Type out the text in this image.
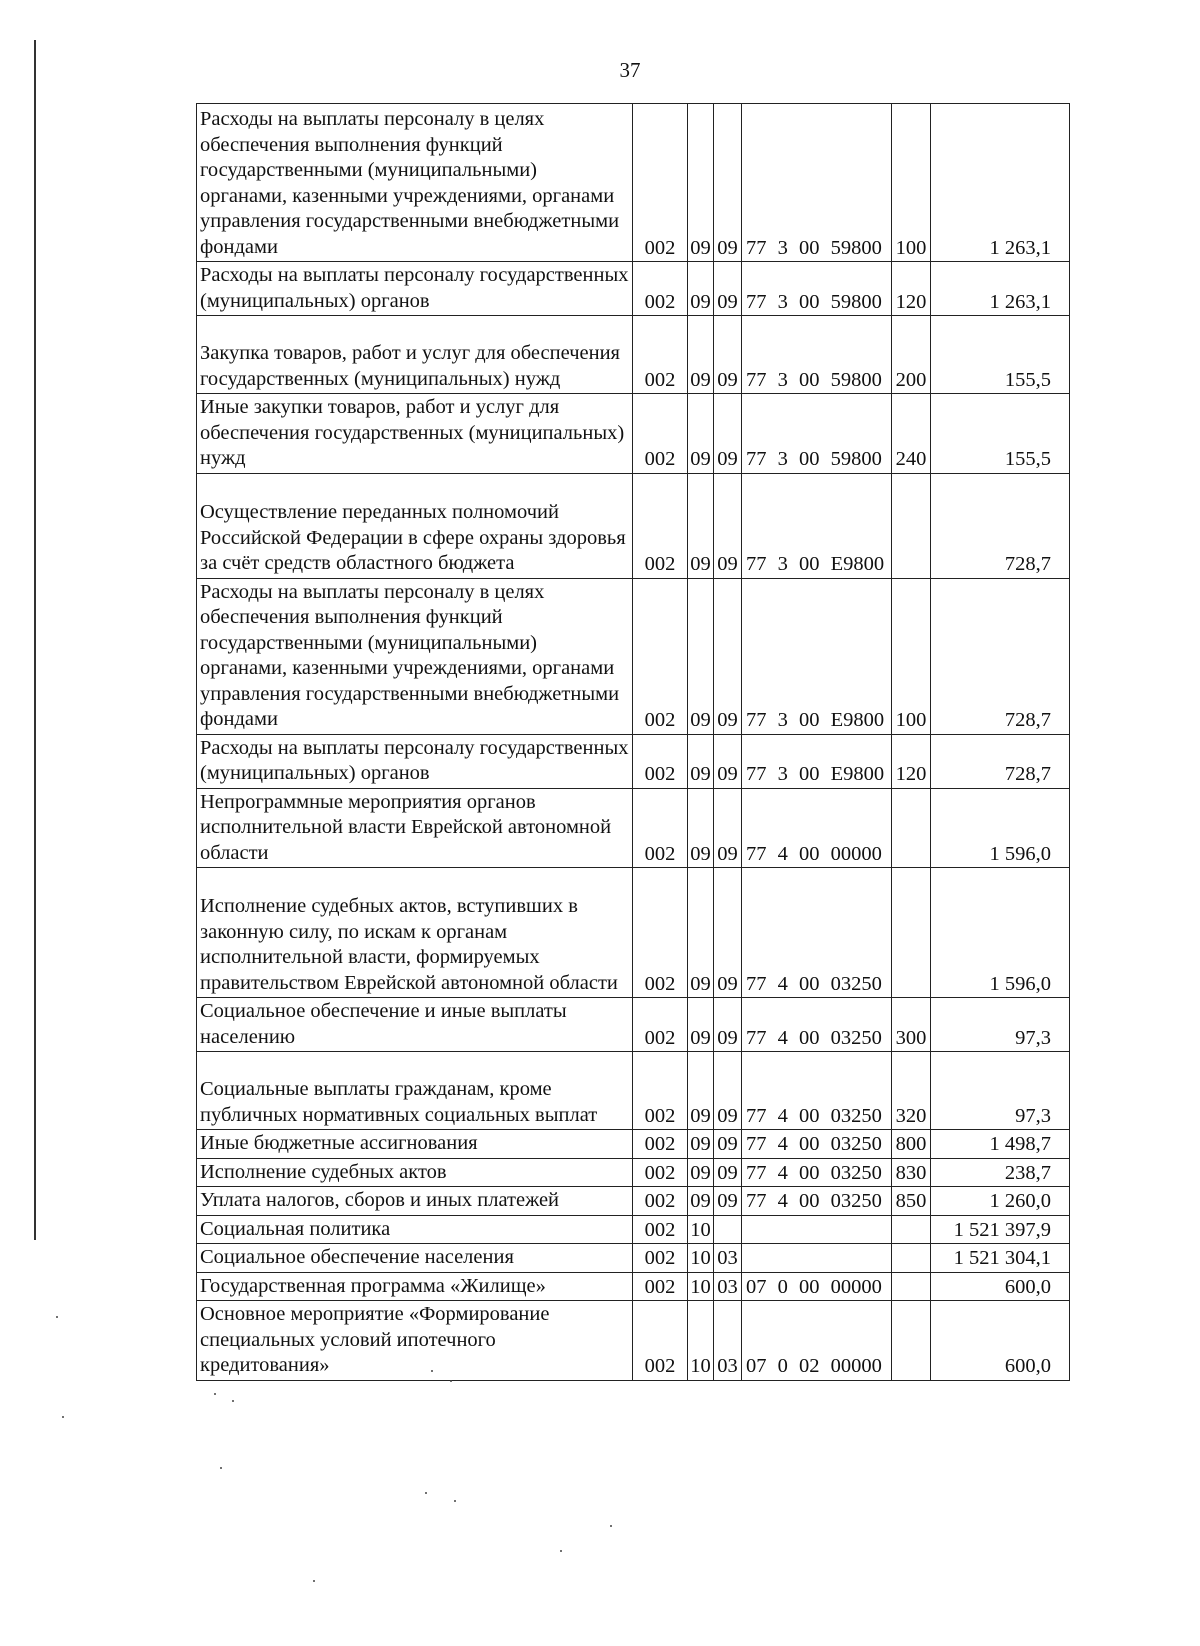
37
Расходы на выплаты персоналу в целях обеспечения выполнения функций государственными (муниципальными) органами, казенными учреждениями, органами управления государственными внебюджетными фондами	002	09	09	77 3 00 59800	100	1 263,1
Расходы на выплаты персоналу государственных (муниципальных) органов	002	09	09	77 3 00 59800	120	1 263,1
Закупка товаров, работ и услуг для обеспечения государственных (муниципальных) нужд	002	09	09	77 3 00 59800	200	155,5
Иные закупки товаров, работ и услуг для обеспечения государственных (муниципальных) нужд	002	09	09	77 3 00 59800	240	155,5
Осуществление переданных полномочий Российской Федерации в сфере охраны здоровья за счёт средств областного бюджета	002	09	09	77 3 00 E9800		728,7
Расходы на выплаты персоналу в целях обеспечения выполнения функций государственными (муниципальными) органами, казенными учреждениями, органами управления государственными внебюджетными фондами	002	09	09	77 3 00 E9800	100	728,7
Расходы на выплаты персоналу государственных (муниципальных) органов	002	09	09	77 3 00 E9800	120	728,7
Непрограммные мероприятия органов исполнительной власти Еврейской автономной области	002	09	09	77 4 00 00000		1 596,0
Исполнение судебных актов, вступивших в законную силу, по искам к органам исполнительной власти, формируемых правительством Еврейской автономной области	002	09	09	77 4 00 03250		1 596,0
Социальное обеспечение и иные выплаты населению	002	09	09	77 4 00 03250	300	97,3
Социальные выплаты гражданам, кроме публичных нормативных социальных выплат	002	09	09	77 4 00 03250	320	97,3
Иные бюджетные ассигнования	002	09	09	77 4 00 03250	800	1 498,7
Исполнение судебных актов	002	09	09	77 4 00 03250	830	238,7
Уплата налогов, сборов и иных платежей	002	09	09	77 4 00 03250	850	1 260,0
Социальная политика	002	10				1 521 397,9
Социальное обеспечение населения	002	10	03			1 521 304,1
Государственная программа «Жилище»	002	10	03	07 0 00 00000		600,0
Основное мероприятие «Формирование специальных условий ипотечного кредитования»	002	10	03	07 0 02 00000		600,0
